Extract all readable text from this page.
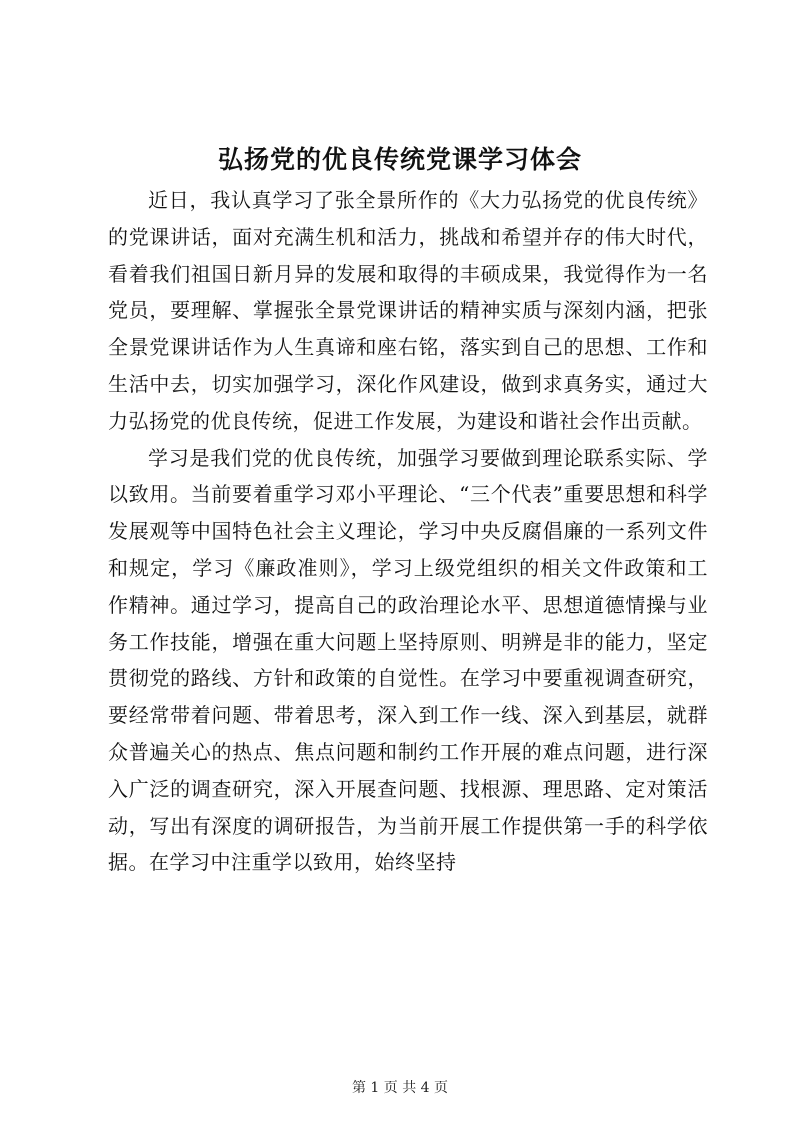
弘扬党的优良传统党课学习体会

近日，我认真学习了张全景所作的《大力弘扬党的优良传统》的党课讲话，面对充满生机和活力，挑战和希望并存的伟大时代，看着我们祖国日新月异的发展和取得的丰硕成果，我觉得作为一名党员，要理解、掌握张全景党课讲话的精神实质与深刻内涵，把张全景党课讲话作为人生真谛和座右铭，落实到自己的思想、工作和生活中去，切实加强学习，深化作风建设，做到求真务实，通过大力弘扬党的优良传统，促进工作发展，为建设和谐社会作出贡献。

学习是我们党的优良传统，加强学习要做到理论联系实际、学以致用。当前要着重学习邓小平理论、“三个代表”重要思想和科学发展观等中国特色社会主义理论，学习中央反腐倡廉的一系列文件和规定，学习《廉政准则》，学习上级党组织的相关文件政策和工作精神。通过学习，提高自己的政治理论水平、思想道德情操与业务工作技能，增强在重大问题上坚持原则、明辨是非的能力，坚定贯彻党的路线、方针和政策的自觉性。在学习中要重视调查研究，要经常带着问题、带着思考，深入到工作一线、深入到基层，就群众普遍关心的热点、焦点问题和制约工作开展的难点问题，进行深入广泛的调查研究，深入开展查问题、找根源、理思路、定对策活动，写出有深度的调研报告，为当前开展工作提供第一手的科学依据。在学习中注重学以致用，始终坚持

第 1 页 共 4 页
